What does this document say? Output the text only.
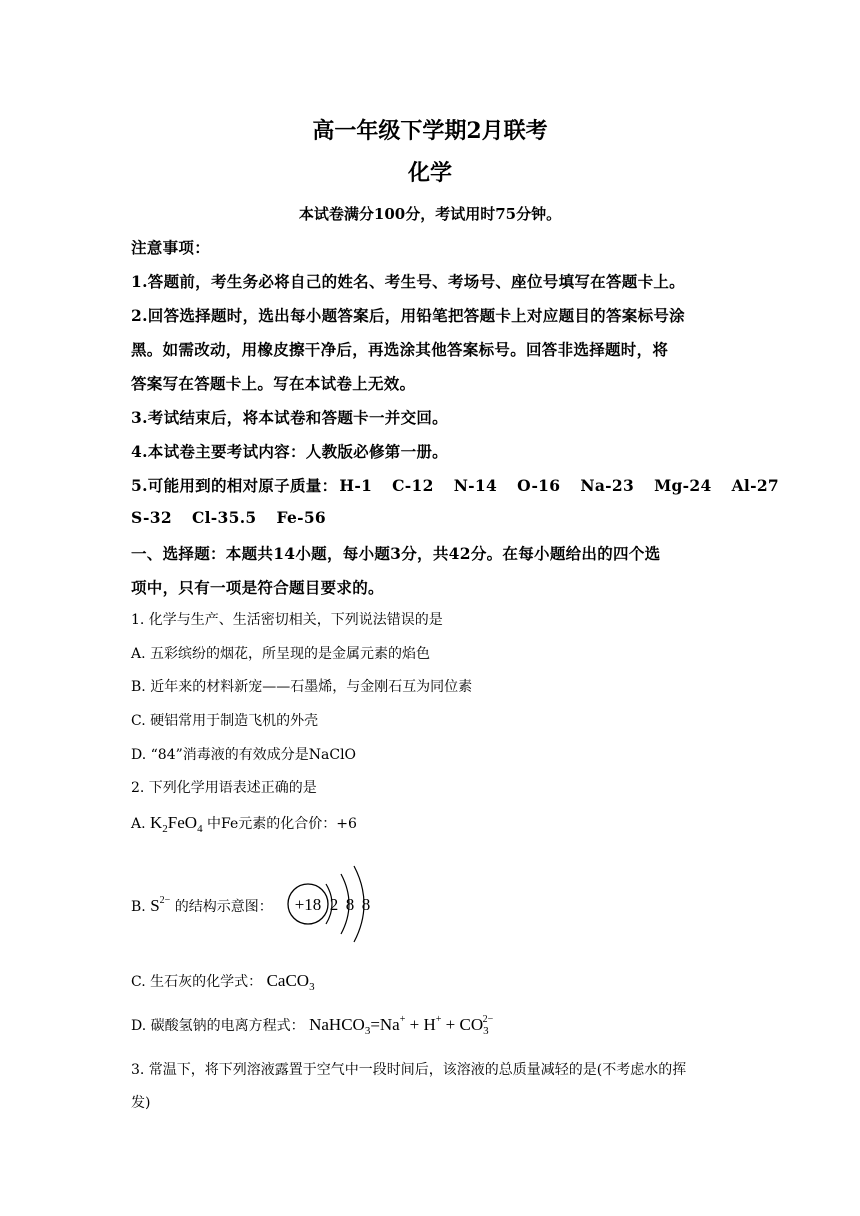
高一年级下学期2月联考
化学
本试卷满分100分，考试用时75分钟。
注意事项：
1.答题前，考生务必将自己的姓名、考生号、考场号、座位号填写在答题卡上。
2.回答选择题时，选出每小题答案后，用铅笔把答题卡上对应题目的答案标号涂
黑。如需改动，用橡皮擦干净后，再选涂其他答案标号。回答非选择题时，将
答案写在答题卡上。写在本试卷上无效。
3.考试结束后，将本试卷和答题卡一并交回。
4.本试卷主要考试内容：人教版必修第一册。
5.可能用到的相对原子质量： H-1 C-12 N-14 O-16 Na-23 Mg-24 Al-27
S-32 Cl-35.5 Fe-56
一、选择题：本题共14小题，每小题3分，共42分。在每小题给出的四个选
项中，只有一项是符合题目要求的。
1. 化学与生产、生活密切相关，下列说法错误的是
A. 五彩缤纷的烟花，所呈现的是金属元素的焰色
B. 近年来的材料新宠——石墨烯，与金刚石互为同位素
C. 硬铝常用于制造飞机的外壳
D. “84”消毒液的有效成分是NaClO
2. 下列化学用语表述正确的是
A. $K_2FeO_4$ 中Fe元素的化合价：+6
B. $S^{2-}$ 的结构示意图： +18 2 8 8
C. 生石灰的化学式： CaCO$_3$
D. 碳酸氢钠的电离方程式： NaHCO$_3$=Na+ + $H^+ + CO_3^{2-}$
3. 常温下，将下列溶液露置于空气中一段时间后，该溶液的总质量减轻的是(不考虑水的挥
发)
